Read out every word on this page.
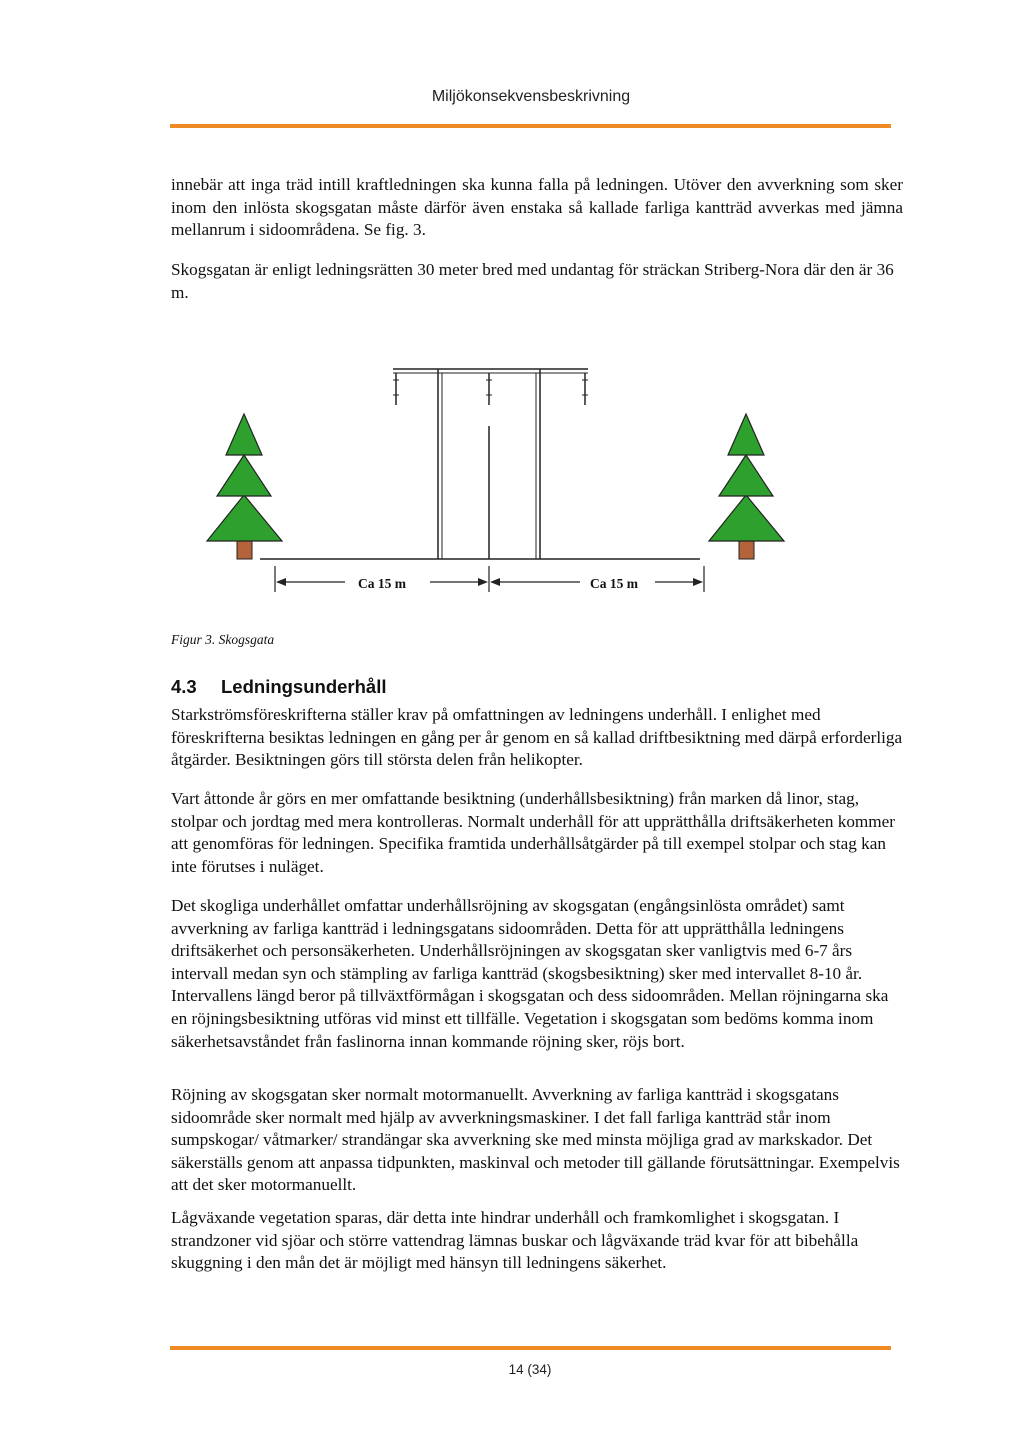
Miljökonsekvensbeskrivning

innebär att inga träd intill kraftledningen ska kunna falla på ledningen. Utöver den avverkning som sker inom den inlösta skogsgatan måste därför även enstaka så kallade farliga kantträd avverkas med jämna mellanrum i sidoområdena. Se fig. 3.

Skogsgatan är enligt ledningsrätten 30 meter bred med undantag för sträckan Striberg-Nora där den är 36 m.

Ca 15 m	Ca 15 m

Figur 3. Skogsgata

4.3 Ledningsunderhåll

Starkströmsföreskrifterna ställer krav på omfattningen av ledningens underhåll. I enlighet med föreskrifterna besiktas ledningen en gång per år genom en så kallad driftbesiktning med därpå erforderliga åtgärder. Besiktningen görs till största delen från helikopter.

Vart åttonde år görs en mer omfattande besiktning (underhållsbesiktning) från marken då linor, stag, stolpar och jordtag med mera kontrolleras. Normalt underhåll för att upprätthålla driftsäkerheten kommer att genomföras för ledningen. Specifika framtida underhållsåtgärder på till exempel stolpar och stag kan inte förutses i nuläget.

Det skogliga underhållet omfattar underhållsröjning av skogsgatan (engångsinlösta området) samt avverkning av farliga kantträd i ledningsgatans sidoområden. Detta för att upprätthålla ledningens driftsäkerhet och personsäkerheten. Underhållsröjningen av skogsgatan sker vanligtvis med 6-7 års intervall medan syn och stämpling av farliga kantträd (skogsbesiktning) sker med intervallet 8-10 år. Intervallens längd beror på tillväxtförmågan i skogsgatan och dess sidoområden. Mellan röjningarna ska en röjningsbesiktning utföras vid minst ett tillfälle. Vegetation i skogsgatan som bedöms komma inom säkerhetsavståndet från faslinorna innan kommande röjning sker, röjs bort.

Röjning av skogsgatan sker normalt motormanuellt. Avverkning av farliga kantträd i skogsgatans sidoområde sker normalt med hjälp av avverkningsmaskiner. I det fall farliga kantträd står inom sumpskogar/ våtmarker/ strandängar ska avverkning ske med minsta möjliga grad av markskador. Det säkerställs genom att anpassa tidpunkten, maskinval och metoder till gällande förutsättningar. Exempelvis att det sker motormanuellt.

Lågväxande vegetation sparas, där detta inte hindrar underhåll och framkomlighet i skogsgatan. I strandzoner vid sjöar och större vattendrag lämnas buskar och lågväxande träd kvar för att bibehålla skuggning i den mån det är möjligt med hänsyn till ledningens säkerhet.

14 (34)
